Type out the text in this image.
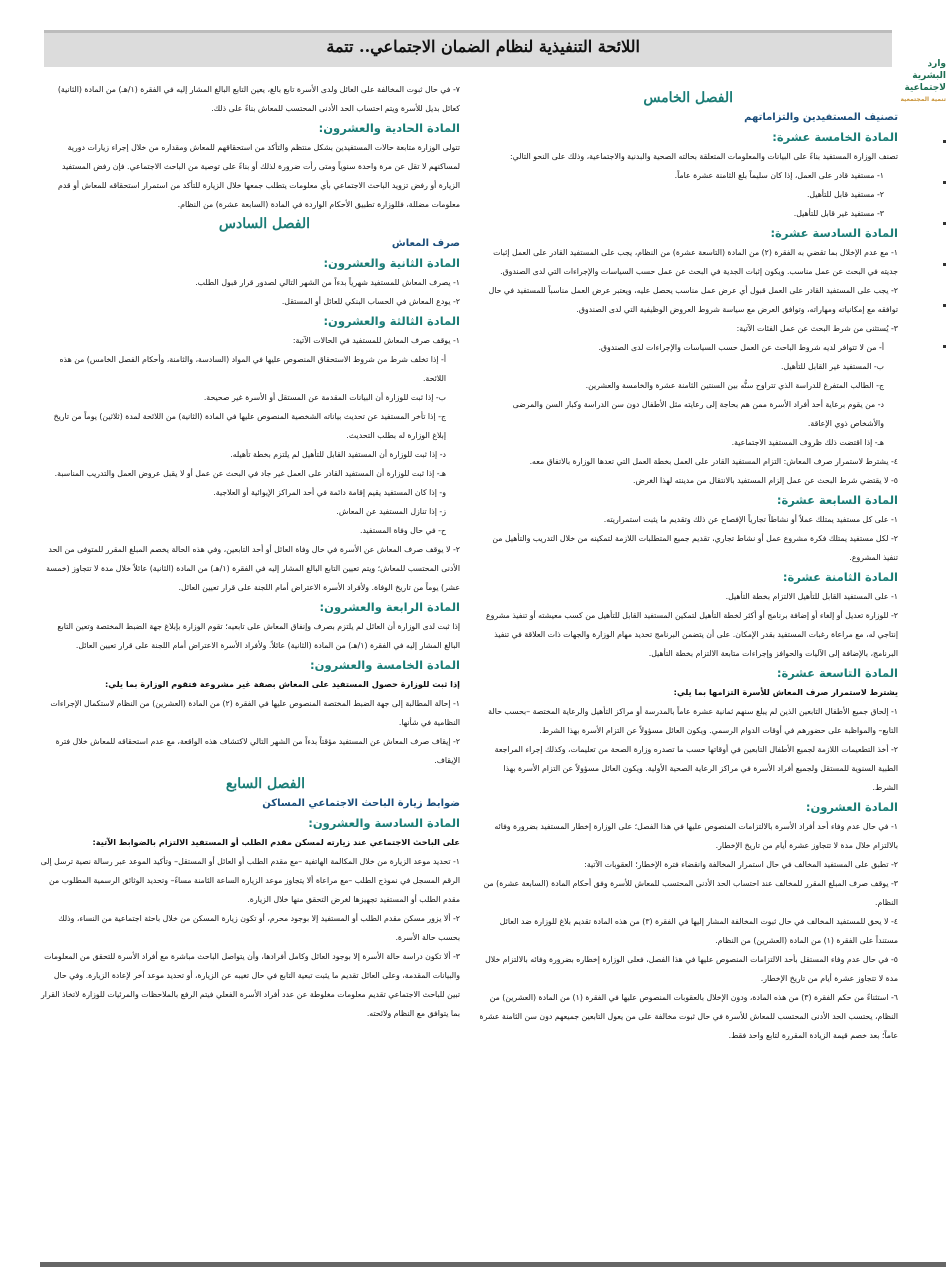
اللائحة التنفيذية لنظام الضمان الاجتماعي.. تتمة
وارد البشرية
لاجتماعية
تنمية المجتمعية
الفصل الخامس
تصنيف المستفيدين والتزاماتهم
المادة الخامسة عشرة:
تصنف الوزارة المستفيد بناءً على البيانات والمعلومات المتعلقة بحالته الصحية والبدنية والاجتماعية، وذلك على النحو التالي:
١- مستفيد قادر على العمل، إذا كان سليماً بلغ الثامنة عشرة عاماً.
٢- مستفيد قابل للتأهيل.
٣- مستفيد غير قابل للتأهيل.
المادة السادسة عشرة:
١- مع عدم الإخلال بما تقضي به الفقرة (٢) من المادة (التاسعة عشرة) من النظام، يجب على المستفيد القادر على العمل إثبات جديته في البحث عن عمل مناسب. ويكون إثبات الجدية في البحث عن عمل حسب السياسات والإجراءات التي لدى الصندوق.
٢- يجب على المستفيد القادر على العمل قبول أي عرض عمل مناسب يحصل عليه، ويعتبر عرض العمل مناسباً للمستفيد في حال توافقه مع إمكانياته ومهاراته، وتوافق العرض مع سياسة شروط العروض الوظيفية التي لدى الصندوق.
٣- يُستثنى من شرط البحث عن عمل الفئات الآتية:
أ- من لا تتوافر لديه شروط الباحث عن العمل حسب السياسات والإجراءات لدى الصندوق.
ب- المستفيد غير القابل للتأهيل.
ج- الطالب المتفرغ للدراسة الذي تتراوح سنُّه بين السنتين الثامنة عشرة والخامسة والعشرين.
د- من يقوم برعاية أحد أفراد الأسرة ممن هم بحاجة إلى رعايته مثل الأطفال دون سن الدراسة وكبار السن والمرضى والأشخاص ذوي الإعاقة.
هـ- إذا اقتضت ذلك ظروف المستفيد الاجتماعية.
٤- يشترط لاستمرار صرف المعاش: التزام المستفيد القادر على العمل بخطة العمل التي تعدها الوزارة بالاتفاق معه.
٥- لا يقتضي شرط البحث عن عمل إلزام المستفيد بالانتقال من مدينته لهذا الغرض.
المادة السابعة عشرة:
١- على كل مستفيد يمتلك عملاً أو نشاطاً تجارياً الإفصاح عن ذلك وتقديم ما يثبت استمراريته.
٢- لكل مستفيد يمتلك فكرة مشروع عمل أو نشاط تجاري، تقديم جميع المتطلبات اللازمة لتمكينه من خلال التدريب والتأهيل من تنفيذ المشروع.
المادة الثامنة عشرة:
١- على المستفيد القابل للتأهيل الالتزام بخطة التأهيل.
٢- للوزارة تعديل أو إلغاء أو إضافة برنامج أو أكثر لخطة التأهيل لتمكين المستفيد القابل للتأهيل من كسب معيشته أو تنفيذ مشروع إنتاجي له، مع مراعاة رغبات المستفيد بقدر الإمكان. على أن يتضمن البرنامج تحديد مهام الوزارة والجهات ذات العلاقة في تنفيذ البرنامج، بالإضافة إلى الآليات والحوافز وإجراءات متابعة الالتزام بخطة التأهيل.
المادة التاسعة عشرة:
يشترط لاستمرار صرف المعاش للأسرة التزامها بما يلي:
١- إلحاق جميع الأطفال التابعين الذين لم يبلغ سنهم ثمانية عشرة عاماً بالمدرسة أو مراكز التأهيل والرعاية المختصة –بحسب حالة التابع– والمواظبة على حضورهم في أوقات الدوام الرسمي. ويكون العائل مسؤولاً عن التزام الأسرة بهذا الشرط.
٢- أخذ التطعيمات اللازمة لجميع الأطفال التابعين في أوقاتها حسب ما تصدره وزارة الصحة من تعليمات، وكذلك إجراء المراجعة الطبية السنوية للمستقل ولجميع أفراد الأسرة في مراكز الرعاية الصحية الأولية. ويكون العائل مسؤولاً عن التزام الأسرة بهذا الشرط.
المادة العشرون:
١- في حال عدم وفاء أحد أفراد الأسرة بالالتزامات المنصوص عليها في هذا الفصل؛ على الوزارة إخطار المستفيد بضرورة وفائه بالالتزام خلال مدة لا تتجاوز عشرة أيام من تاريخ الإخطار.
٢- تطبق على المستفيد المخالف في حال استمرار المخالفة وانقضاء فترة الإخطار؛ العقوبات الآتية:
٣- يوقف صرف المبلغ المقرر للمخالف عند احتساب الحد الأدنى المحتسب للمعاش للأسرة وفق أحكام المادة (السابعة عشرة) من النظام.
٤- لا يحق للمستفيد المخالف في حال ثبوت المخالفة المشار إليها في الفقرة (٣) من هذه المادة تقديم بلاغ للوزارة ضد العائل مستنداً على الفقرة (١) من المادة (العشرين) من النظام.
٥- في حال عدم وفاء المستقل بأحد الالتزامات المنصوص عليها في هذا الفصل، فعلى الوزارة إخطاره بضرورة وفائه بالالتزام خلال مدة لا تتجاوز عشرة أيام من تاريخ الإخطار.
٦- استثناءً من حكم الفقرة (٣) من هذه المادة، ودون الإخلال بالعقوبات المنصوص عليها في الفقرة (١) من المادة (العشرين) من النظام، يحتسب الحد الأدنى المحتسب للمعاش للأسرة في حال ثبوت مخالفة على من يعول التابعين جميعهم دون سن الثامنة عشرة عاماً؛ بعد خصم قيمة الزيادة المقررة لتابع واحد فقط.
٧- في حال ثبوت المخالفة على العائل ولدى الأسرة تابع بالغ، يعين التابع البالغ المشار إليه في الفقرة (١/هـ) من المادة (الثانية) كعائل بديل للأسرة ويتم احتساب الحد الأدنى المحتسب للمعاش بناءً على ذلك.
المادة الحادية والعشرون:
تتولى الوزارة متابعة حالات المستفيدين بشكل منتظم والتأكد من استحقاقهم للمعاش ومقداره من خلال إجراء زيارات دورية لمساكنهم لا تقل عن مرة واحدة سنوياً ومتى رأت ضرورة لذلك أو بناءً على توصية من الباحث الاجتماعي. فإن رفض المستفيد الزيارة أو رفض تزويد الباحث الاجتماعي بأي معلومات يتطلب جمعها خلال الزيارة للتأكد من استمرار استحقاقه للمعاش أو قدم معلومات مضللة، فللوزارة تطبيق الأحكام الواردة في المادة (السابعة عشرة) من النظام.
الفصل السادس
صرف المعاش
المادة الثانية والعشرون:
١- يصرف المعاش للمستفيد شهرياً بدءاً من الشهر التالي لصدور قرار قبول الطلب.
٢- يودع المعاش في الحساب البنكي للعائل أو المستقل.
المادة الثالثة والعشرون:
١- يوقف صرف المعاش للمستفيد في الحالات الآتية:
أ- إذا تخلف شرط من شروط الاستحقاق المنصوص عليها في المواد (السادسة، والثامنة، وأحكام الفصل الخامس) من هذه اللائحة.
ب- إذا ثبت للوزارة أن البيانات المقدمة عن المستقل أو الأسرة غير صحيحة.
ج- إذا تأخر المستفيد عن تحديث بياناته الشخصية المنصوص عليها في المادة (الثانية) من اللائحة لمدة (ثلاثين) يوماً من تاريخ إبلاغ الوزارة له بطلب التحديث.
د- إذا ثبت للوزارة أن المستفيد القابل للتأهيل لم يلتزم بخطة تأهيله.
هـ- إذا ثبت للوزارة أن المستفيد القادر على العمل غير جاد في البحث عن عمل أو لا يقبل عروض العمل والتدريب المناسبة.
و- إذا كان المستفيد يقيم إقامة دائمة في أحد المراكز الإيوائية أو العلاجية.
ز- إذا تنازل المستفيد عن المعاش.
ح- في حال وفاة المستفيد.
٢- لا يوقف صرف المعاش عن الأسرة في حال وفاة العائل أو أحد التابعين، وفي هذه الحالة يخصم المبلغ المقرر للمتوفى من الحد الأدنى المحتسب للمعاش؛ ويتم تعيين التابع البالغ المشار إليه في الفقرة (١/هـ) من المادة (الثانية) عائلاً خلال مدة لا تتجاوز (خمسة عشر) يوماً من تاريخ الوفاة. ولأفراد الأسرة الاعتراض أمام اللجنة على قرار تعيين العائل.
المادة الرابعة والعشرون:
إذا ثبت لدى الوزارة أن العائل لم يلتزم بصرف وإنفاق المعاش على تابعيه؛ تقوم الوزارة بإبلاغ جهة الضبط المختصة وتعين التابع البالغ المشار إليه في الفقرة (١/هـ) من المادة (الثانية) عائلاً. ولأفراد الأسرة الاعتراض أمام اللجنة على قرار تعيين العائل.
المادة الخامسة والعشرون:
إذا ثبت للوزارة حصول المستفيد على المعاش بصفة غير مشروعة فتقوم الوزارة بما يلي:
١- إحالة المطالبة إلى جهة الضبط المختصة المنصوص عليها في الفقرة (٢) من المادة (العشرين) من النظام لاستكمال الإجراءات النظامية في شأنها.
٢- إيقاف صرف المعاش عن المستفيد مؤقتاً بدءاً من الشهر التالي لاكتشاف هذه الواقعة، مع عدم استحقاقه للمعاش خلال فترة الإيقاف.
الفصل السابع
ضوابط زيارة الباحث الاجتماعي المساكن
المادة السادسة والعشرون:
على الباحث الاجتماعي عند زيارته لمسكن مقدم الطلب أو المستفيد الالتزام بالضوابط الآتية:
١- تحديد موعد الزيارة من خلال المكالمة الهاتفية –مع مقدم الطلب أو العائل أو المستقل– وتأكيد الموعد عبر رسالة نصية ترسل إلى الرقم المسجل في نموذج الطلب –مع مراعاة ألا يتجاوز موعد الزيارة الساعة الثامنة مساءً– وتحديد الوثائق الرسمية المطلوب من مقدم الطلب أو المستفيد تجهيزها لغرض التحقق منها خلال الزيارة.
٢- ألا يزور مسكن مقدم الطلب أو المستفيد إلا بوجود محرم، أو تكون زيارة المسكن من خلال باحثة اجتماعية من النساء، وذلك بحسب حالة الأسرة.
٣- ألا تكون دراسة حالة الأسرة إلا بوجود العائل وكامل أفرادها، وأن يتواصل الباحث مباشرة مع أفراد الأسرة للتحقق من المعلومات والبيانات المقدمة، وعلى العائل تقديم ما يثبت تبعية التابع في حال تغيبه عن الزيارة، أو تحديد موعد آخر لإعادة الزيارة. وفي حال تبين للباحث الاجتماعي تقديم معلومات مغلوطة عن عدد أفراد الأسرة الفعلي فيتم الرفع بالملاحظات والمرئيات للوزارة لاتخاذ القرار بما يتوافق مع النظام ولائحته.
